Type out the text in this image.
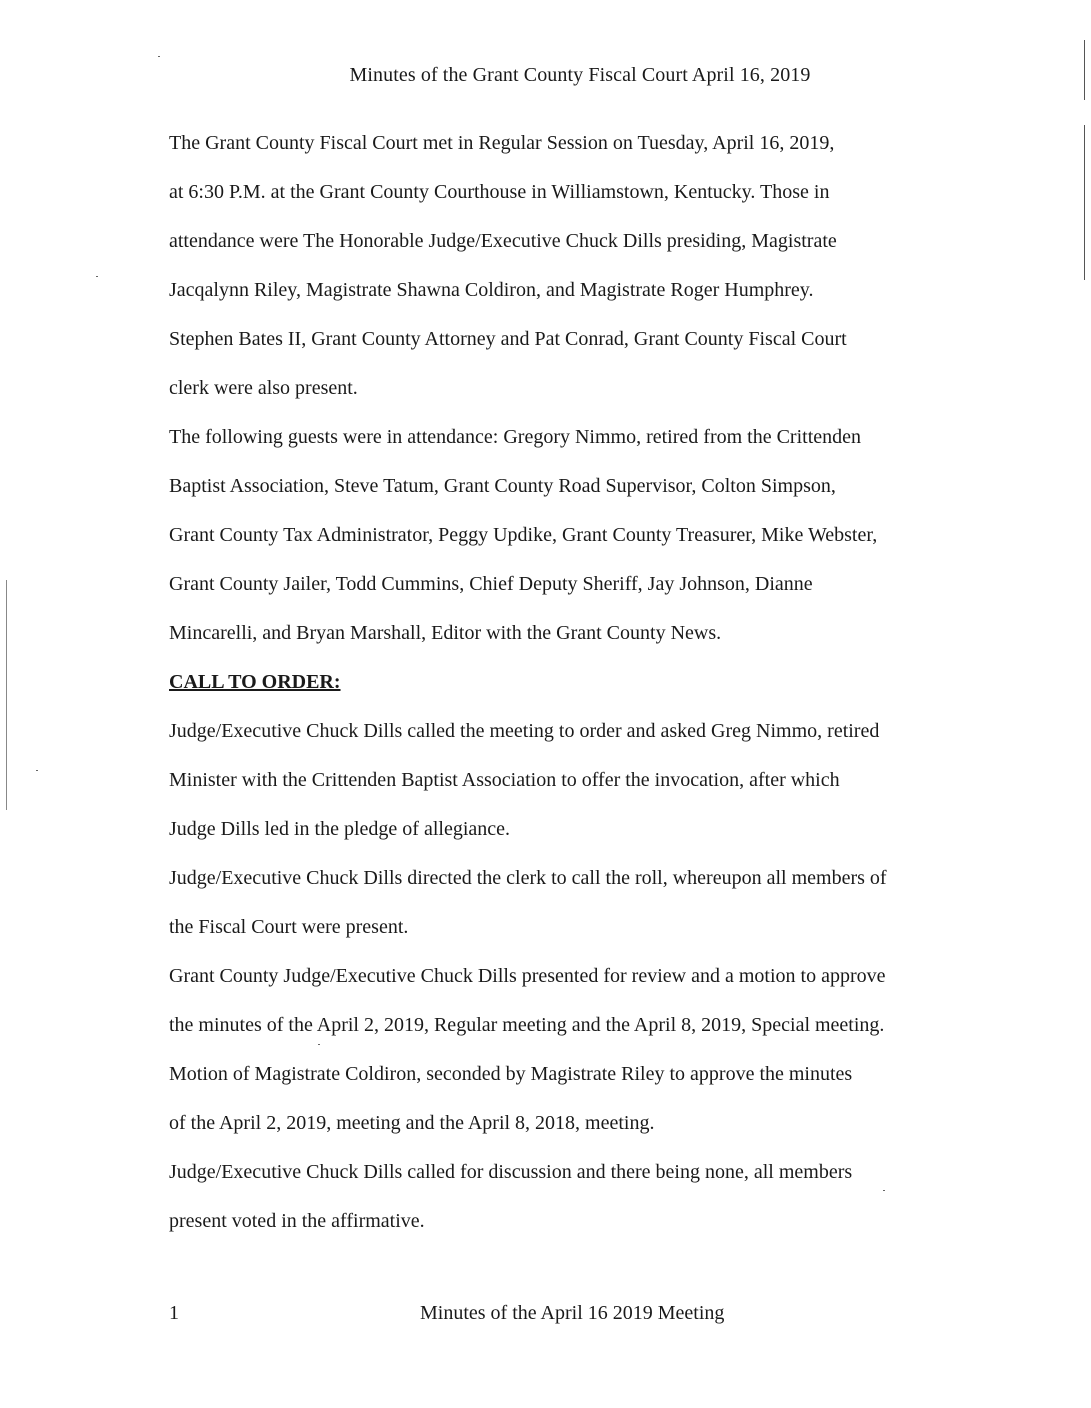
Minutes of the Grant County Fiscal Court April 16, 2019
The Grant County Fiscal Court met in Regular Session on Tuesday, April 16, 2019,
at 6:30 P.M. at the Grant County Courthouse in Williamstown, Kentucky. Those in
attendance were The Honorable Judge/Executive Chuck Dills presiding, Magistrate
Jacqalynn Riley, Magistrate Shawna Coldiron, and Magistrate Roger Humphrey.
Stephen Bates II, Grant County Attorney and Pat Conrad, Grant County Fiscal Court
clerk were also present.
The following guests were in attendance: Gregory Nimmo, retired from the Crittenden
Baptist Association, Steve Tatum, Grant County Road Supervisor, Colton Simpson,
Grant County Tax Administrator, Peggy Updike, Grant County Treasurer, Mike Webster,
Grant County Jailer, Todd Cummins, Chief Deputy Sheriff, Jay Johnson, Dianne
Mincarelli, and Bryan Marshall, Editor with the Grant County News.
CALL TO ORDER:
Judge/Executive Chuck Dills called the meeting to order and asked Greg Nimmo, retired
Minister with the Crittenden Baptist Association to offer the invocation, after which
Judge Dills led in the pledge of allegiance.
Judge/Executive Chuck Dills directed the clerk to call the roll, whereupon all members of
the Fiscal Court were present.
Grant County Judge/Executive Chuck Dills presented for review and a motion to approve
the minutes of the April 2, 2019, Regular meeting and the April 8, 2019, Special meeting.
Motion of Magistrate Coldiron, seconded by Magistrate Riley to approve the minutes
of the April 2, 2019, meeting and the April 8, 2018, meeting.
Judge/Executive Chuck Dills called for discussion and there being none, all members
present voted in the affirmative.
1	Minutes of the April 16 2019 Meeting
